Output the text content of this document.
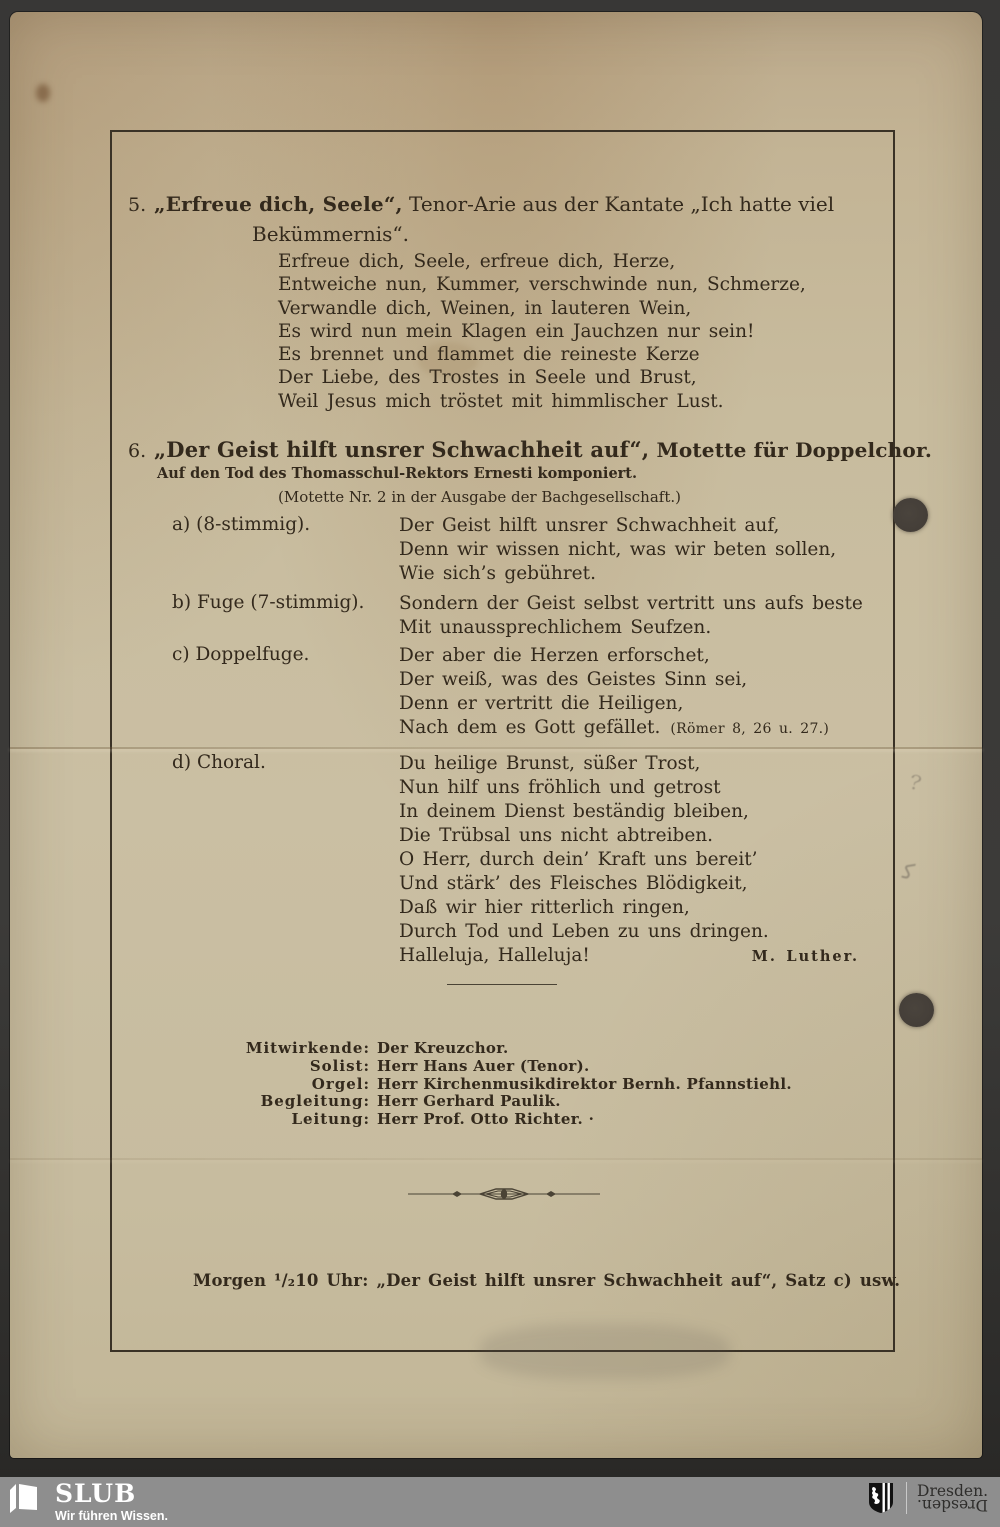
﹖
ﻛ
5. „Erfreue dich, Seele“, Tenor-Arie aus der Kantate „Ich hatte viel
Bekümmernis“.
Erfreue dich, Seele, erfreue dich, Herze,
Entweiche nun, Kummer, verschwinde nun, Schmerze,
Verwandle dich, Weinen, in lauteren Wein,
Es wird nun mein Klagen ein Jauchzen nur sein!
Es brennet und flammet die reineste Kerze
Der Liebe, des Trostes in Seele und Brust,
Weil Jesus mich tröstet mit himmlischer Lust.
6. „Der Geist hilft unsrer Schwachheit auf“, Motette für Doppelchor.
Auf den Tod des Thomasschul-Rektors Ernesti komponiert.
(Motette Nr. 2 in der Ausgabe der Bachgesellschaft.)
a) (8-stimmig).	Der Geist hilft unsrer Schwachheit auf,
Denn wir wissen nicht, was wir beten sollen,
Wie sich’s gebühret.
b) Fuge (7-stimmig). Sondern der Geist selbst vertritt uns aufs beste
Mit unaussprechlichem Seufzen.
c) Doppelfuge.	Der aber die Herzen erforschet,
Der weiß, was des Geistes Sinn sei,
Denn er vertritt die Heiligen,
Nach dem es Gott gefället. (Römer 8, 26 u. 27.)
d) Choral.	Du heilige Brunst, süßer Trost,
Nun hilf uns fröhlich und getrost
In deinem Dienst beständig bleiben,
Die Trübsal uns nicht abtreiben.
O Herr, durch dein’ Kraft uns bereit’
Und stärk’ des Fleisches Blödigkeit,
Daß wir hier ritterlich ringen,
Durch Tod und Leben zu uns dringen.
Halleluja, Halleluja!	M. Luther.
Mitwirkende: Der Kreuzchor.
Solist: Herr Hans Auer (Tenor).
Orgel: Herr Kirchenmusikdirektor Bernh. Pfannstiehl.
Begleitung: Herr Gerhard Paulik.
Leitung: Herr Prof. Otto Richter. ·
Morgen ¹/₂10 Uhr: „Der Geist hilft unsrer Schwachheit auf“, Satz c) usw.
SLUB
Wir führen Wissen.
Dresden.
Dresden.
